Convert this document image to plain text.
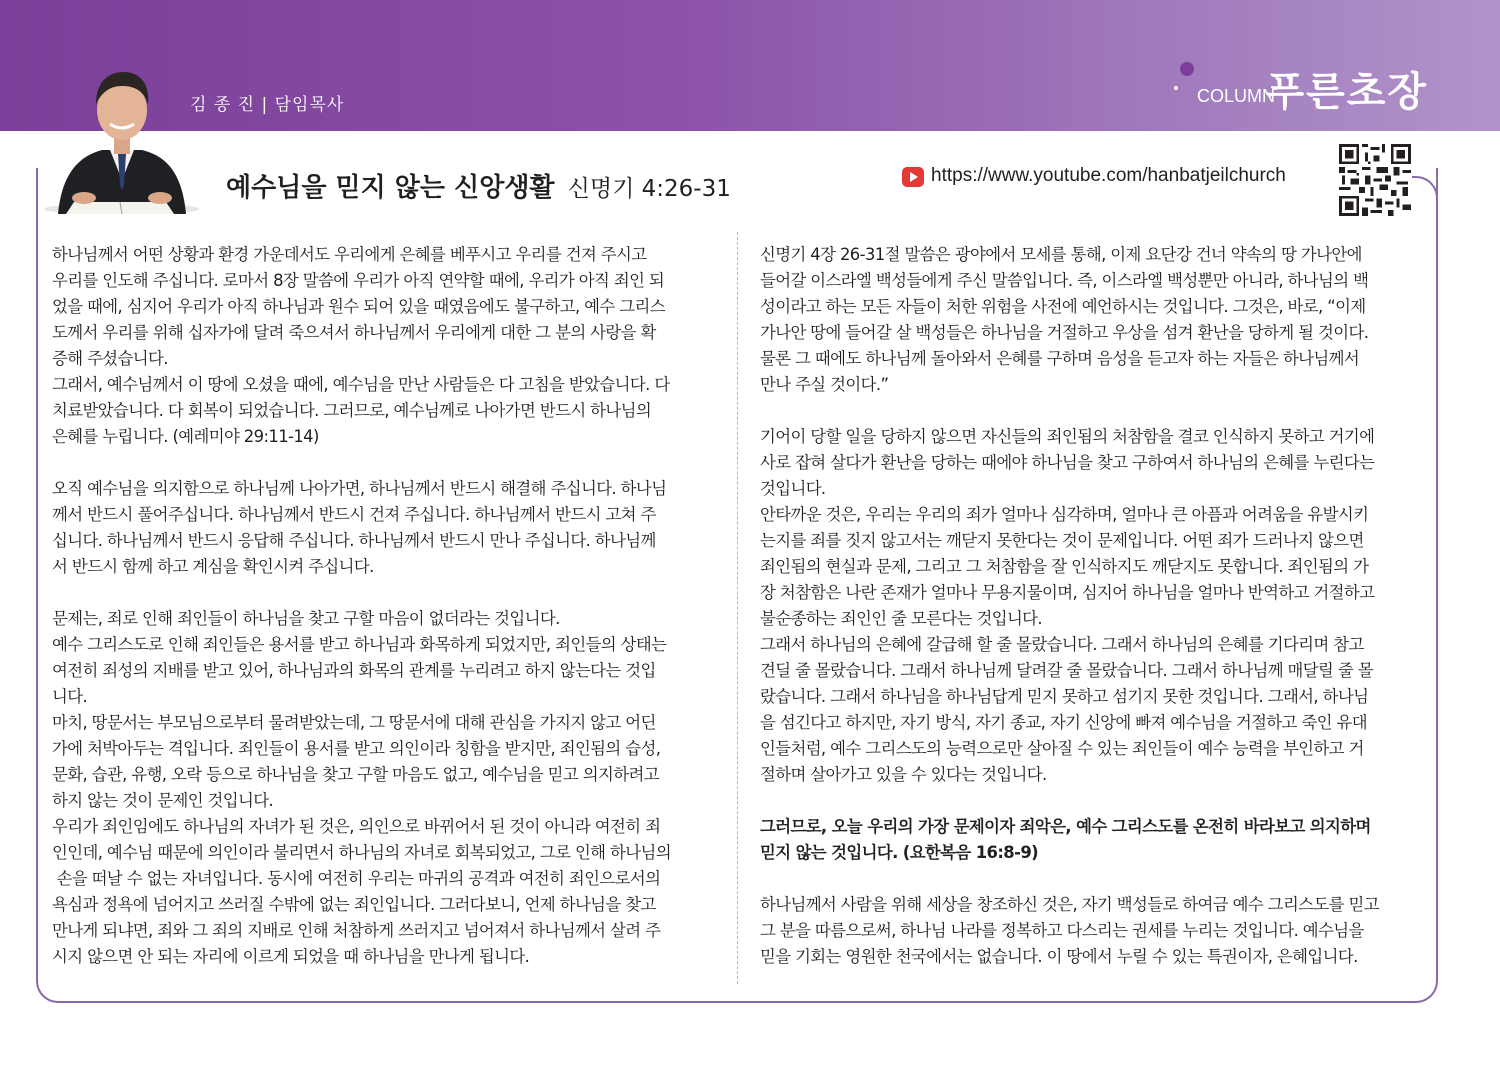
김 종 진 | 담임목사	COLUMN
푸른초장
예수님을 믿지 않는 신앙생활 신명기 4:26-31
https://www.youtube.com/hanbatjeilchurch

하나님께서 어떤 상황과 환경 가운데서도 우리에게 은혜를 베푸시고 우리를 건져 주시고
우리를 인도해 주십니다. 로마서 8장 말씀에 우리가 아직 연약할 때에, 우리가 아직 죄인 되
었을 때에, 심지어 우리가 아직 하나님과 원수 되어 있을 때였음에도 불구하고, 예수 그리스
도께서 우리를 위해 십자가에 달려 죽으셔서 하나님께서 우리에게 대한 그 분의 사랑을 확
증해 주셨습니다.

그래서, 예수님께서 이 땅에 오셨을 때에, 예수님을 만난 사람들은 다 고침을 받았습니다. 다
치료받았습니다. 다 회복이 되었습니다. 그러므로, 예수님께로 나아가면 반드시 하나님의
은혜를 누립니다. (예레미야 29:11-14)

오직 예수님을 의지함으로 하나님께 나아가면, 하나님께서 반드시 해결해 주십니다. 하나님
께서 반드시 풀어주십니다. 하나님께서 반드시 건져 주십니다. 하나님께서 반드시 고쳐 주
십니다. 하나님께서 반드시 응답해 주십니다. 하나님께서 반드시 만나 주십니다. 하나님께
서 반드시 함께 하고 계심을 확인시켜 주십니다.

문제는, 죄로 인해 죄인들이 하나님을 찾고 구할 마음이 없더라는 것입니다.

예수 그리스도로 인해 죄인들은 용서를 받고 하나님과 화목하게 되었지만, 죄인들의 상태는
여전히 죄성의 지배를 받고 있어, 하나님과의 화목의 관계를 누리려고 하지 않는다는 것입
니다.

마치, 땅문서는 부모님으로부터 물려받았는데, 그 땅문서에 대해 관심을 가지지 않고 어딘
가에 처박아두는 격입니다. 죄인들이 용서를 받고 의인이라 칭함을 받지만, 죄인됨의 습성,
문화, 습관, 유행, 오락 등으로 하나님을 찾고 구할 마음도 없고, 예수님을 믿고 의지하려고
하지 않는 것이 문제인 것입니다.

우리가 죄인임에도 하나님의 자녀가 된 것은, 의인으로 바뀌어서 된 것이 아니라 여전히 죄
인인데, 예수님 때문에 의인이라 불리면서 하나님의 자녀로 회복되었고, 그로 인해 하나님의
손을 떠날 수 없는 자녀입니다. 동시에 여전히 우리는 마귀의 공격과 여전히 죄인으로서의
욕심과 정욕에 넘어지고 쓰러질 수밖에 없는 죄인입니다. 그러다보니, 언제 하나님을 찾고
만나게 되냐면, 죄와 그 죄의 지배로 인해 처참하게 쓰러지고 넘어져서 하나님께서 살려 주
시지 않으면 안 되는 자리에 이르게 되었을 때 하나님을 만나게 됩니다.

신명기 4장 26-31절 말씀은 광야에서 모세를 통해, 이제 요단강 건너 약속의 땅 가나안에
들어갈 이스라엘 백성들에게 주신 말씀입니다. 즉, 이스라엘 백성뿐만 아니라, 하나님의 백
성이라고 하는 모든 자들이 처한 위험을 사전에 예언하시는 것입니다. 그것은, 바로, “이제
가나안 땅에 들어갈 살 백성들은 하나님을 거절하고 우상을 섬겨 환난을 당하게 될 것이다.
물론 그 때에도 하나님께 돌아와서 은혜를 구하며 음성을 듣고자 하는 자들은 하나님께서
만나 주실 것이다.”

기어이 당할 일을 당하지 않으면 자신들의 죄인됨의 처참함을 결코 인식하지 못하고 거기에
사로 잡혀 살다가 환난을 당하는 때에야 하나님을 찾고 구하여서 하나님의 은혜를 누린다는
것입니다.

안타까운 것은, 우리는 우리의 죄가 얼마나 심각하며, 얼마나 큰 아픔과 어려움을 유발시키
는지를 죄를 짓지 않고서는 깨닫지 못한다는 것이 문제입니다. 어떤 죄가 드러나지 않으면
죄인됨의 현실과 문제, 그리고 그 처참함을 잘 인식하지도 깨닫지도 못합니다. 죄인됨의 가
장 처참함은 나란 존재가 얼마나 무용지물이며, 심지어 하나님을 얼마나 반역하고 거절하고
불순종하는 죄인인 줄 모른다는 것입니다.

그래서 하나님의 은혜에 갈급해 할 줄 몰랐습니다. 그래서 하나님의 은혜를 기다리며 참고
견딜 줄 몰랐습니다. 그래서 하나님께 달려갈 줄 몰랐습니다. 그래서 하나님께 매달릴 줄 몰
랐습니다. 그래서 하나님을 하나님답게 믿지 못하고 섬기지 못한 것입니다. 그래서, 하나님
을 섬긴다고 하지만, 자기 방식, 자기 종교, 자기 신앙에 빠져 예수님을 거절하고 죽인 유대
인들처럼, 예수 그리스도의 능력으로만 살아질 수 있는 죄인들이 예수 능력을 부인하고 거
절하며 살아가고 있을 수 있다는 것입니다.

그러므로, 오늘 우리의 가장 문제이자 죄악은, 예수 그리스도를 온전히 바라보고 의지하며
믿지 않는 것입니다. (요한복음 16:8-9)

하나님께서 사람을 위해 세상을 창조하신 것은, 자기 백성들로 하여금 예수 그리스도를 믿고
그 분을 따름으로써, 하나님 나라를 정복하고 다스리는 권세를 누리는 것입니다. 예수님을
믿을 기회는 영원한 천국에서는 없습니다. 이 땅에서 누릴 수 있는 특권이자, 은혜입니다.
